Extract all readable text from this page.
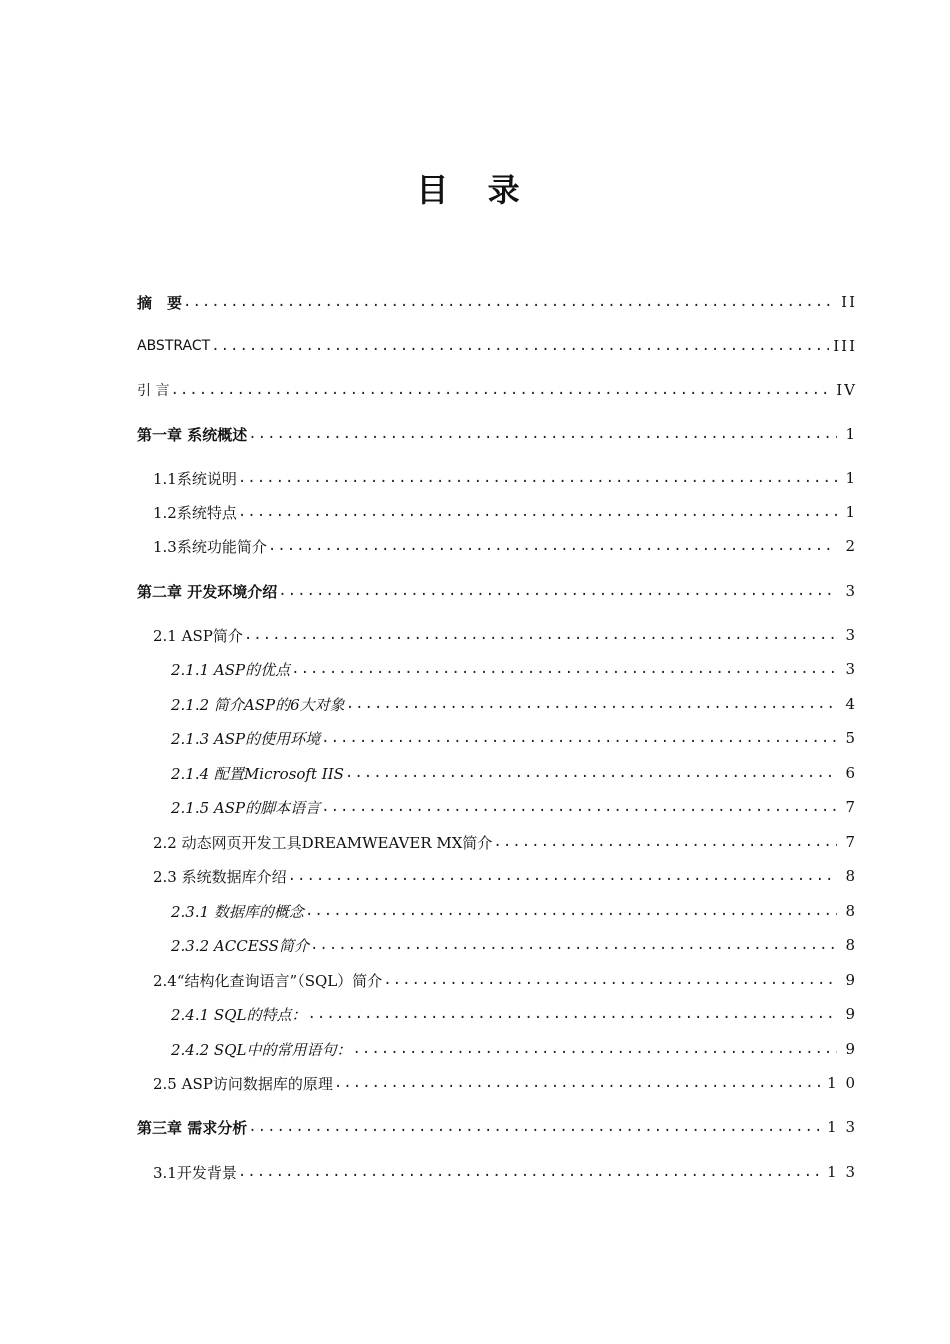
目 录
摘　要 .....	II
ABSTRACT .....	III
引 言 .....	IV
第一章 系统概述 .....	1
1.1系统说明 .....	1
1.2系统特点 .....	1
1.3系统功能简介 .....	2
第二章 开发环境介绍 .....	3
2.1 ASP简介 .....	3
2.1.1 ASP的优点 .....	3
2.1.2 简介ASP的6大对象 .....	4
2.1.3 ASP的使用环境 .....	5
2.1.4 配置Microsoft IIS .....	6
2.1.5 ASP的脚本语言 .....	7
2.2 动态网页开发工具DREAMWEAVER MX简介 .....	7
2.3 系统数据库介绍 .....	8
2.3.1 数据库的概念 .....	8
2.3.2 ACCESS简介 .....	8
2.4“结构化查询语言”（SQL）简介 .....	9
2.4.1 SQL的特点： .....	9
2.4.2 SQL中的常用语句： .....	9
2.5 ASP访问数据库的原理 .....	1 0
第三章 需求分析 .....	1 3
3.1开发背景 .....	1 3
